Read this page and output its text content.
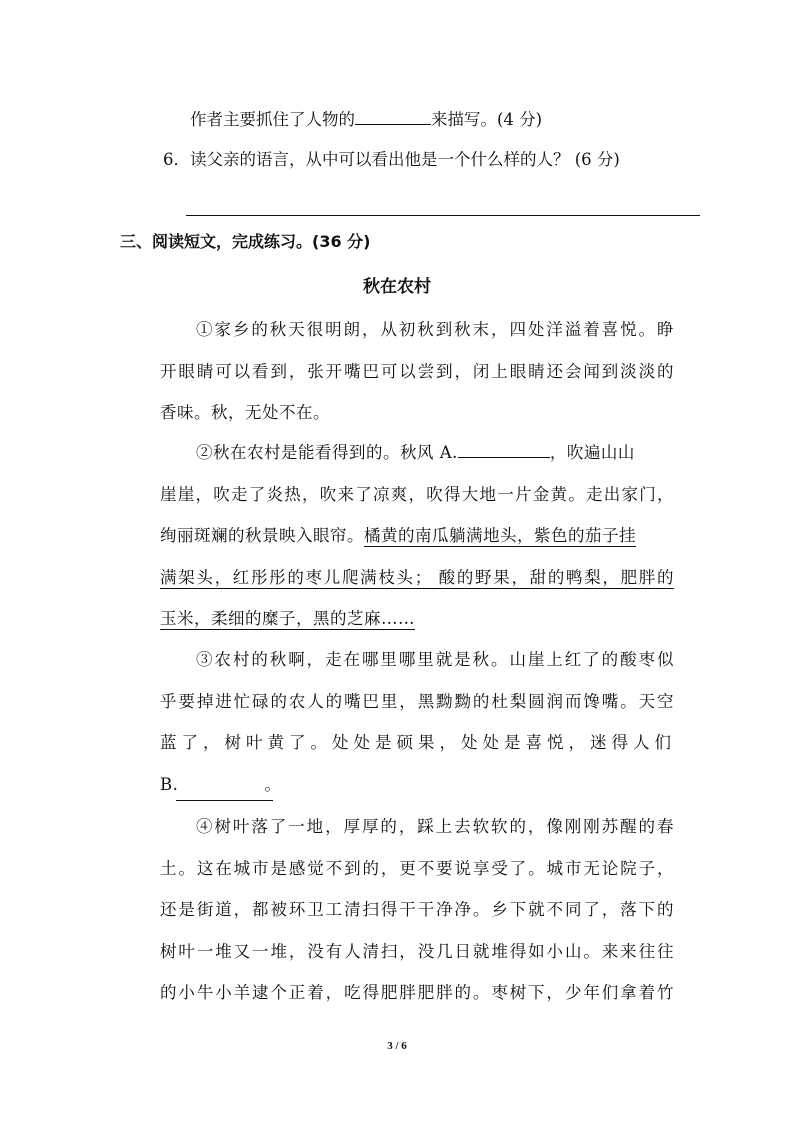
作者主要抓住了人物的	来描写。(4 分)
6．读父亲的语言，从中可以看出他是一个什么样的人？ (6 分)
三、阅读短文，完成练习。(36 分)
秋在农村
①家乡的秋天很明朗，从初秋到秋末，四处洋溢着喜悦。睁
开眼睛可以看到，张开嘴巴可以尝到，闭上眼睛还会闻到淡淡的
香味。秋，无处不在。
②秋在农村是能看得到的。秋风 A.	，吹遍山山
崖崖，吹走了炎热，吹来了凉爽，吹得大地一片金黄。走出家门，
绚丽斑斓的秋景映入眼帘。橘黄的南瓜躺满地头，紫色的茄子挂
满架头，红彤彤的枣儿爬满枝头； 酸的野果，甜的鸭梨，肥胖的
玉米，柔细的糜子，黑的芝麻……
③农村的秋啊，走在哪里哪里就是秋。山崖上红了的酸枣似
乎要掉进忙碌的农人的嘴巴里，黑黝黝的杜梨圆润而馋嘴。天空
蓝了，树叶黄了。处处是硕果，处处是喜悦，迷得人们
B.	。
④树叶落了一地，厚厚的，踩上去软软的，像刚刚苏醒的春
土。这在城市是感觉不到的，更不要说享受了。城市无论院子，
还是街道，都被环卫工清扫得干干净净。乡下就不同了，落下的
树叶一堆又一堆，没有人清扫，没几日就堆得如小山。来来往往
的小牛小羊逮个正着，吃得肥胖肥胖的。枣树下，少年们拿着竹
3 / 6
